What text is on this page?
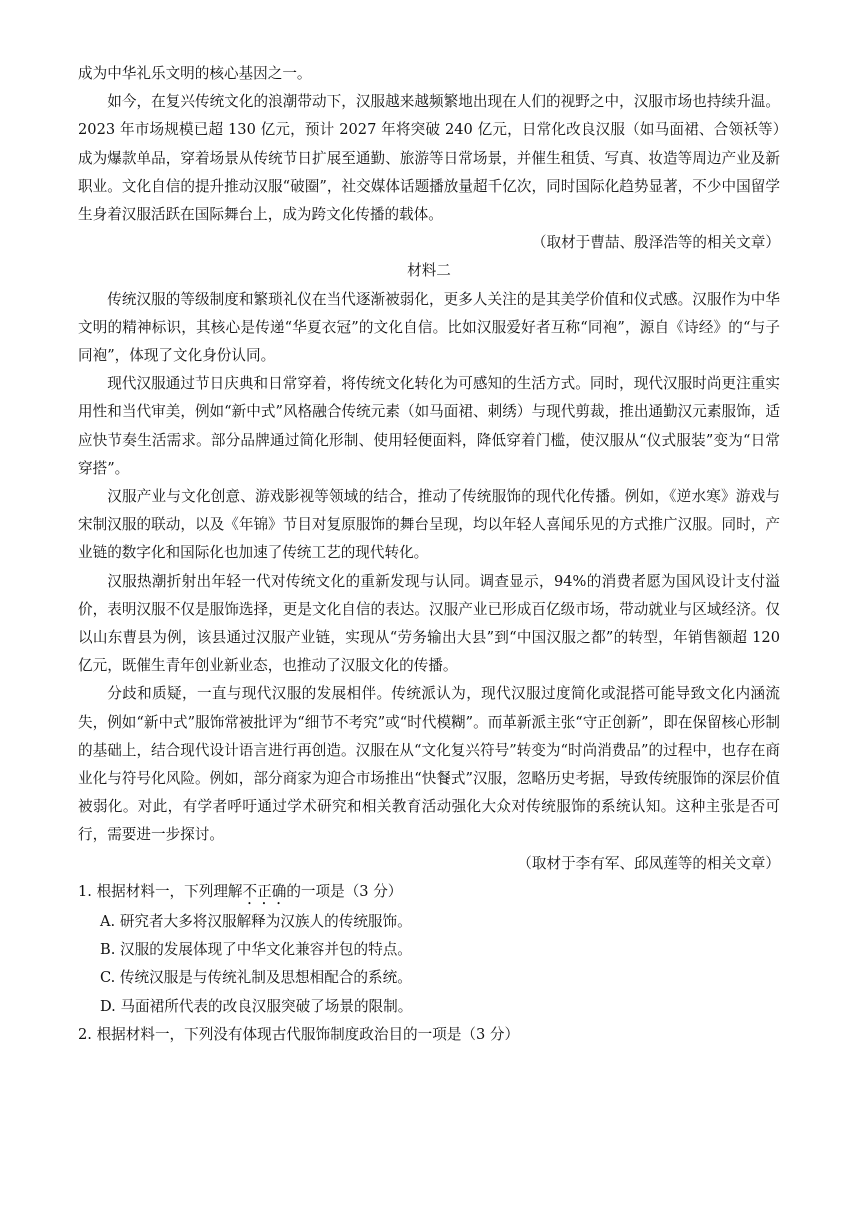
成为中华礼乐文明的核心基因之一。

如今，在复兴传统文化的浪潮带动下，汉服越来越频繁地出现在人们的视野之中，汉服市场也持续升温。2023 年市场规模已超 130 亿元，预计 2027 年将突破 240 亿元，日常化改良汉服（如马面裙、合领袄等）成为爆款单品，穿着场景从传统节日扩展至通勤、旅游等日常场景，并催生租赁、写真、妆造等周边产业及新职业。文化自信的提升推动汉服“破圈”，社交媒体话题播放量超千亿次，同时国际化趋势显著，不少中国留学生身着汉服活跃在国际舞台上，成为跨文化传播的载体。

（取材于曹喆、殷泽浩等的相关文章）

材料二

传统汉服的等级制度和繁琐礼仪在当代逐渐被弱化，更多人关注的是其美学价值和仪式感。汉服作为中华文明的精神标识，其核心是传递“华夏衣冠”的文化自信。比如汉服爱好者互称“同袍”，源自《诗经》的“与子同袍”，体现了文化身份认同。

现代汉服通过节日庆典和日常穿着，将传统文化转化为可感知的生活方式。同时，现代汉服时尚更注重实用性和当代审美，例如“新中式”风格融合传统元素（如马面裙、刺绣）与现代剪裁，推出通勤汉元素服饰，适应快节奏生活需求。部分品牌通过简化形制、使用轻便面料，降低穿着门槛，使汉服从“仪式服装”变为“日常穿搭”。

汉服产业与文化创意、游戏影视等领域的结合，推动了传统服饰的现代化传播。例如，《逆水寒》游戏与宋制汉服的联动，以及《年锦》节目对复原服饰的舞台呈现，均以年轻人喜闻乐见的方式推广汉服。同时，产业链的数字化和国际化也加速了传统工艺的现代转化。

汉服热潮折射出年轻一代对传统文化的重新发现与认同。调查显示，94%的消费者愿为国风设计支付溢价，表明汉服不仅是服饰选择，更是文化自信的表达。汉服产业已形成百亿级市场，带动就业与区域经济。仅以山东曹县为例，该县通过汉服产业链，实现从“劳务输出大县”到“中国汉服之都”的转型，年销售额超 120 亿元，既催生青年创业新业态，也推动了汉服文化的传播。

分歧和质疑，一直与现代汉服的发展相伴。传统派认为，现代汉服过度简化或混搭可能导致文化内涵流失，例如“新中式”服饰常被批评为“细节不考究”或“时代模糊”。而革新派主张“守正创新”，即在保留核心形制的基础上，结合现代设计语言进行再创造。汉服在从“文化复兴符号”转变为“时尚消费品”的过程中，也存在商业化与符号化风险。例如，部分商家为迎合市场推出“快餐式”汉服，忽略历史考据，导致传统服饰的深层价值被弱化。对此，有学者呼吁通过学术研究和相关教育活动强化大众对传统服饰的系统认知。这种主张是否可行，需要进一步探讨。

（取材于李有军、邱凤莲等的相关文章）

1. 根据材料一，下列理解不正确的一项是（3 分）

A. 研究者大多将汉服解释为汉族人的传统服饰。

B. 汉服的发展体现了中华文化兼容并包的特点。

C. 传统汉服是与传统礼制及思想相配合的系统。

D. 马面裙所代表的改良汉服突破了场景的限制。

2. 根据材料一，下列没有体现古代服饰制度政治目的一项是（3 分）
